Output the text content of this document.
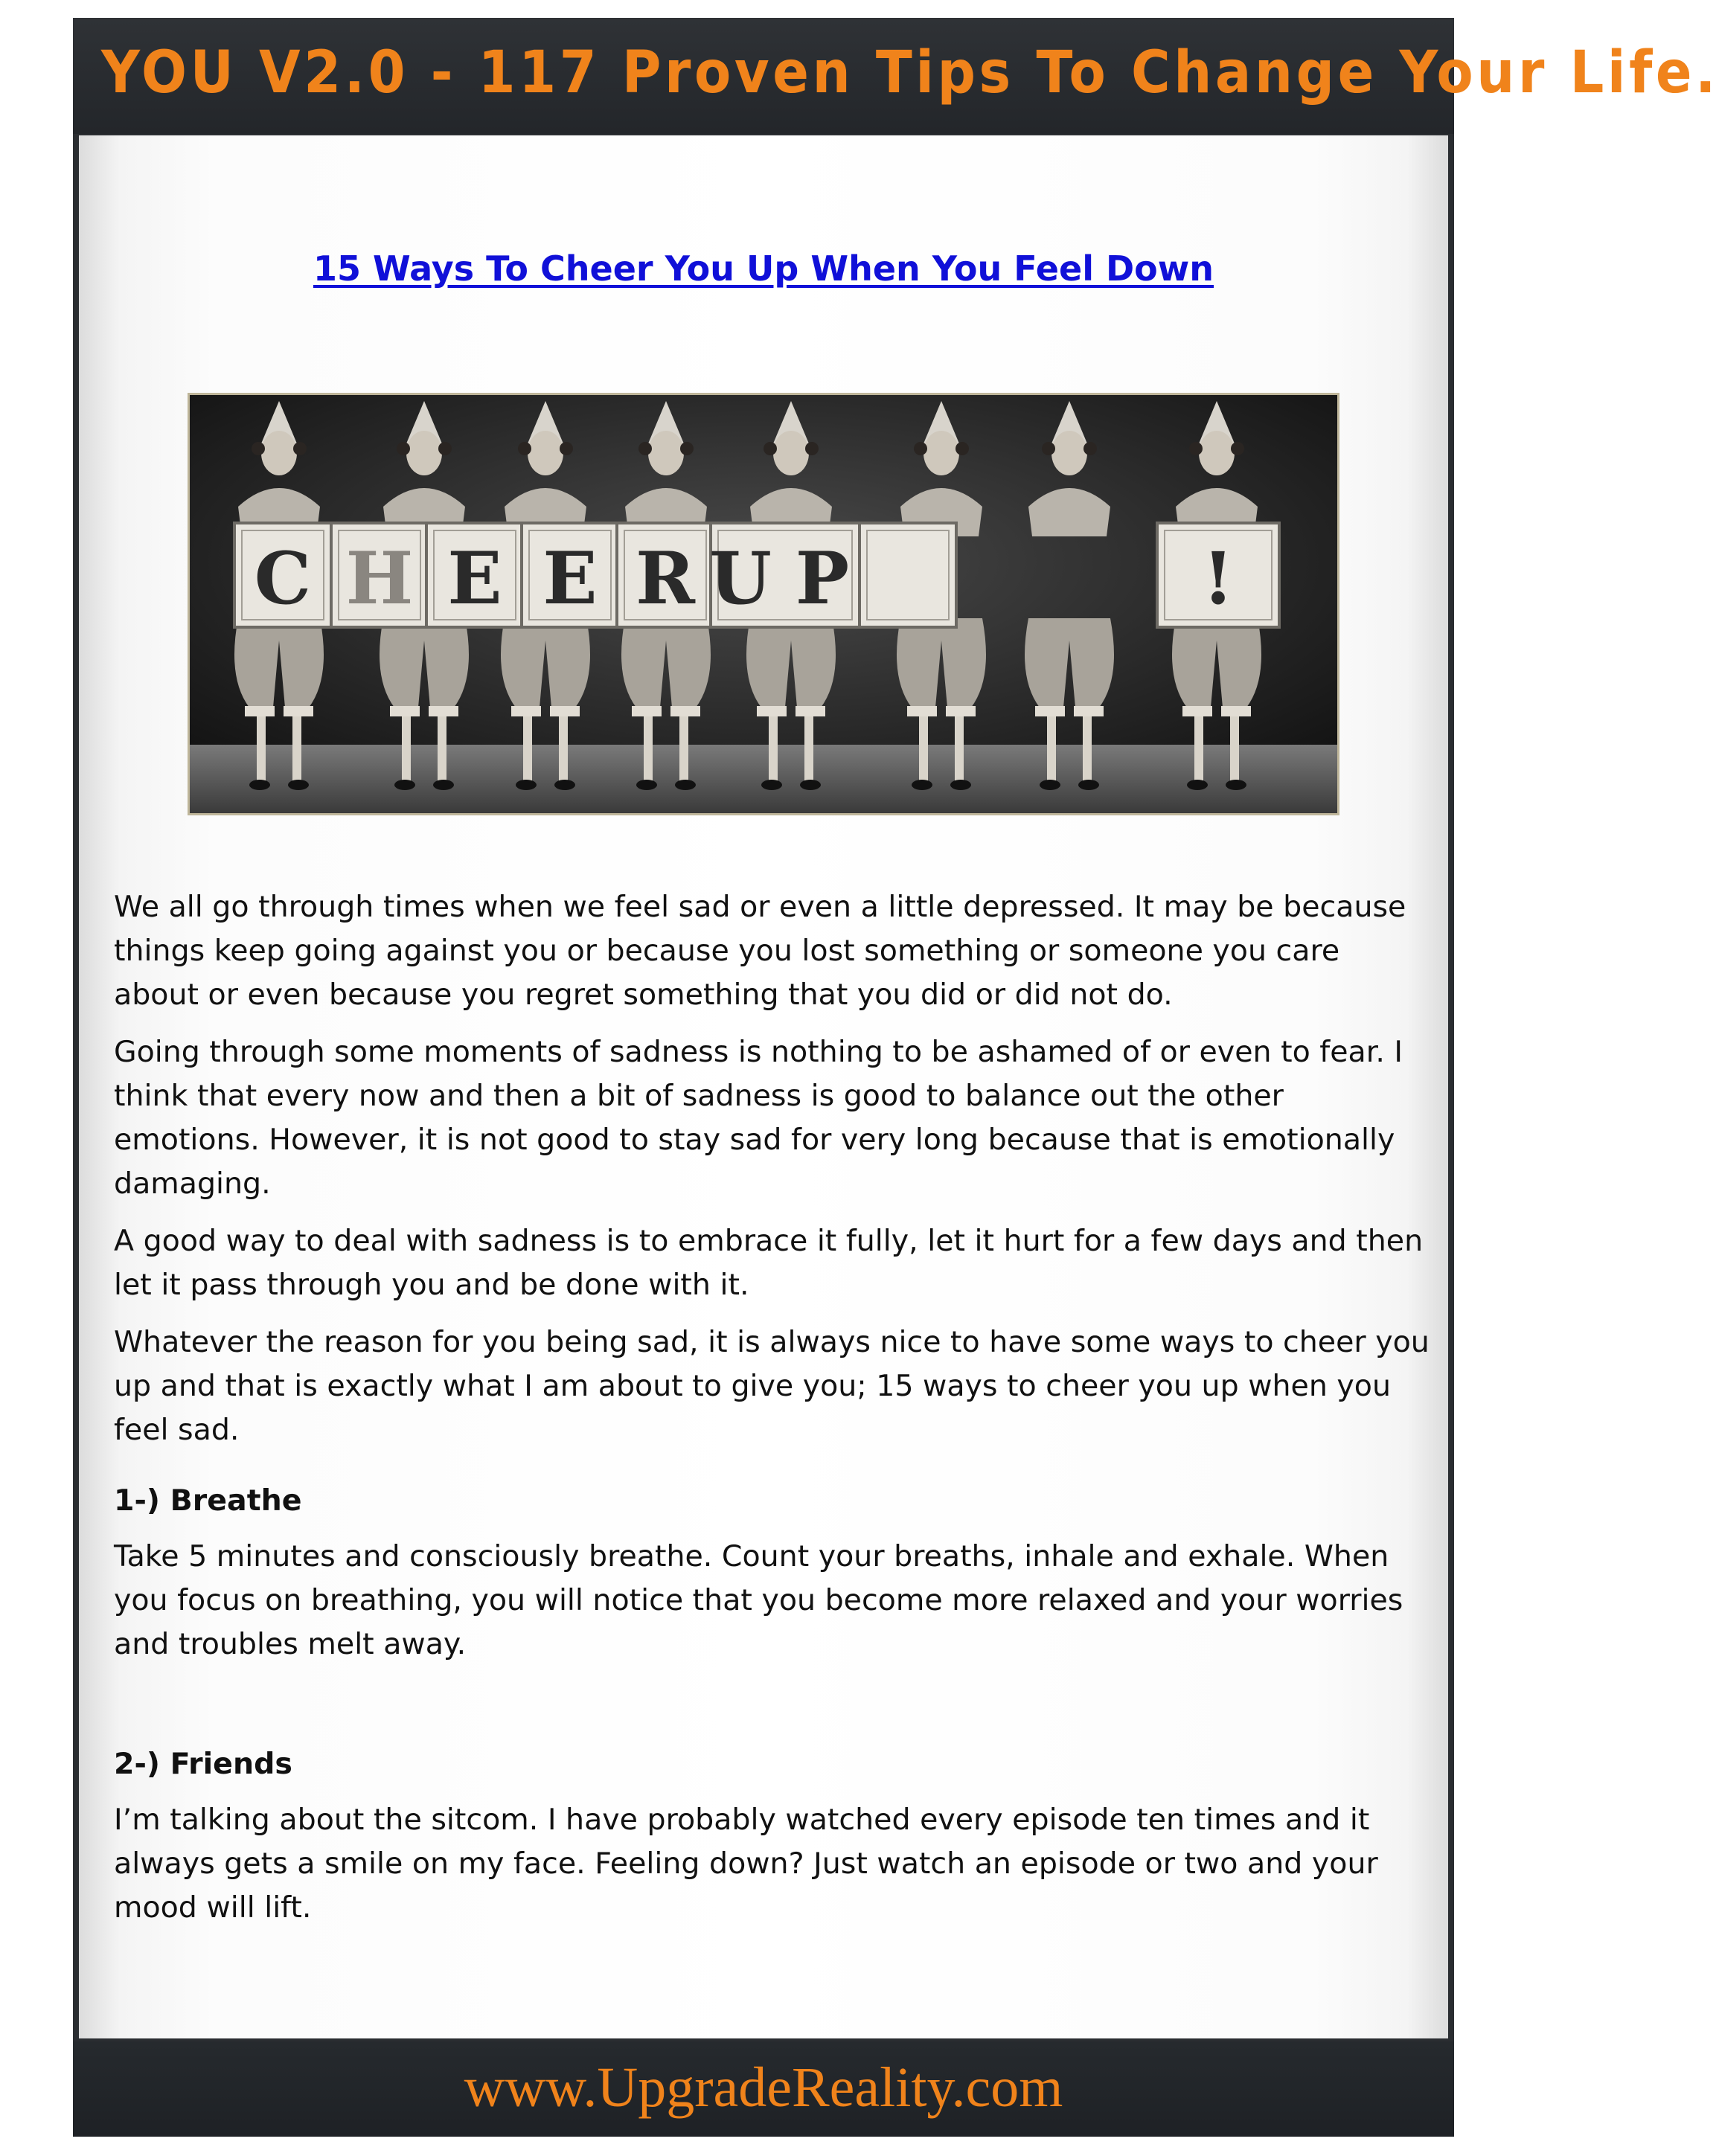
YOU V2.0 - 117 Proven Tips To Change Your Life.
15 Ways To Cheer You Up When You Feel Down
C H E E R U P	!

We all go through times when we feel sad or even a little depressed. It may be because things keep going against you or because you lost something or someone you care about or even because you regret something that you did or did not do.

Going through some moments of sadness is nothing to be ashamed of or even to fear. I think that every now and then a bit of sadness is good to balance out the other emotions. However, it is not good to stay sad for very long because that is emotionally damaging.

A good way to deal with sadness is to embrace it fully, let it hurt for a few days and then let it pass through you and be done with it.

Whatever the reason for you being sad, it is always nice to have some ways to cheer you up and that is exactly what I am about to give you; 15 ways to cheer you up when you feel sad.

1-) Breathe

Take 5 minutes and consciously breathe. Count your breaths, inhale and exhale. When you focus on breathing, you will notice that you become more relaxed and your worries and troubles melt away.

2-) Friends

I’m talking about the sitcom. I have probably watched every episode ten times and it always gets a smile on my face. Feeling down? Just watch an episode or two and your mood will lift.

www.UpgradeReality.com
